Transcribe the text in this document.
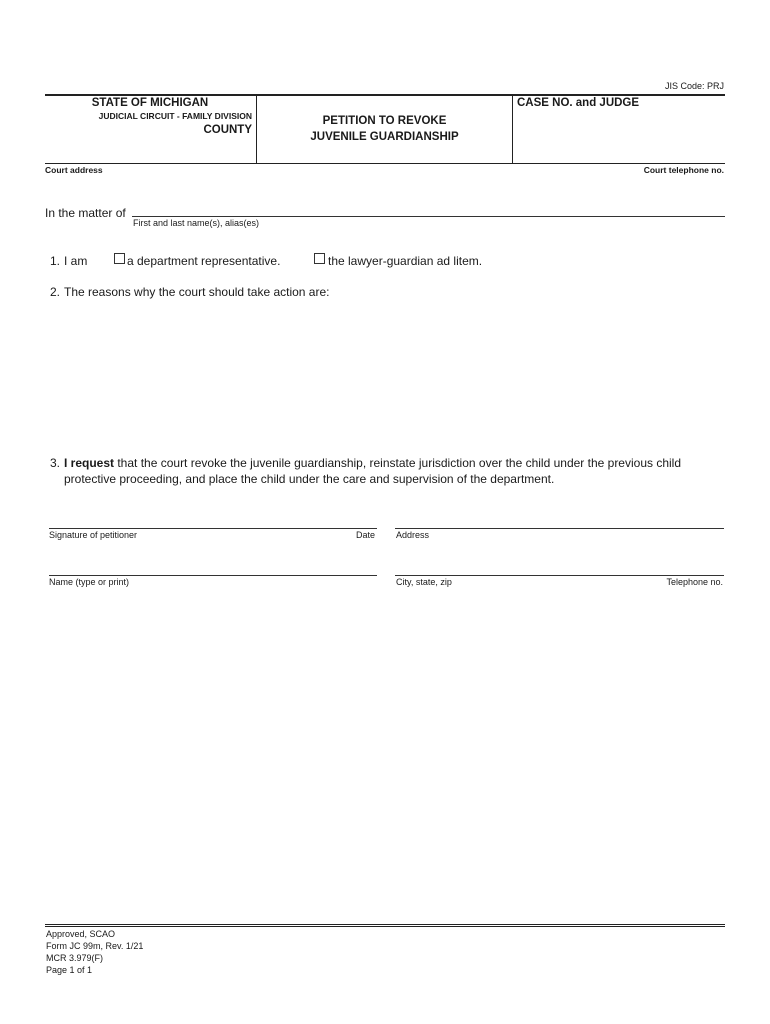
JIS Code: PRJ
STATE OF MICHIGAN
JUDICIAL CIRCUIT - FAMILY DIVISION
COUNTY
PETITION TO REVOKE
JUVENILE GUARDIANSHIP
CASE NO. and JUDGE
Court address	Court telephone no.
In the matter of
First and last name(s), alias(es)
1. I am	a department representative.	the lawyer-guardian ad litem.
2. The reasons why the court should take action are:
3. I request that the court revoke the juvenile guardianship, reinstate jurisdiction over the child under the previous child
protective proceeding, and place the child under the care and supervision of the department.
Signature of petitioner	Date Address
Name (type or print)	City, state, zip	Telephone no.
Approved, SCAO
Form JC 99m, Rev. 1/21
MCR 3.979(F)
Page 1 of 1
